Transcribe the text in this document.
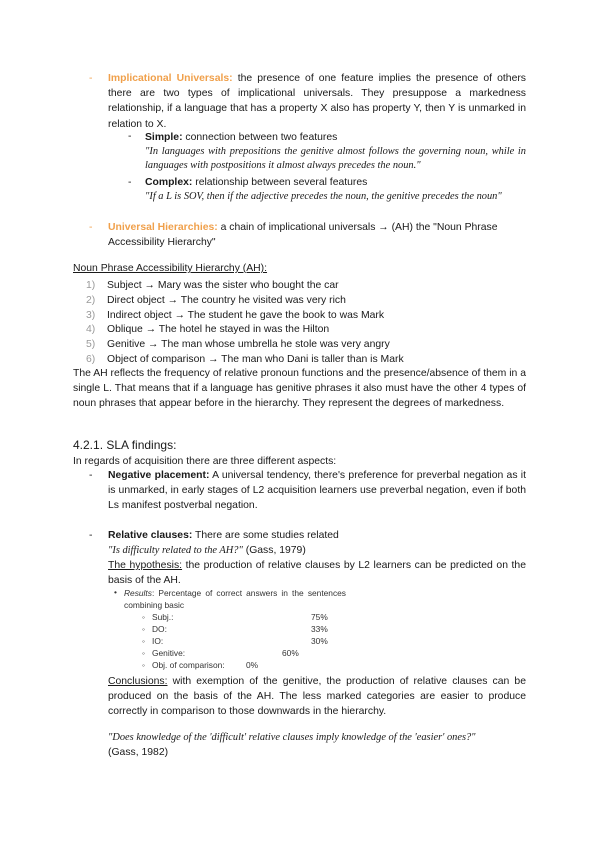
- Implicational Universals: the presence of one feature implies the presence of others there are two types of implicational universals. They presuppose a markedness relationship, if a language that has a property X also has property Y, then Y is unmarked in relation to X.
- Simple: connection between two features
"In languages with prepositions the genitive almost follows the governing noun, while in languages with postpositions it almost always precedes the noun."
- Complex: relationship between several features
"If a L is SOV, then if the adjective precedes the noun, the genitive precedes the noun"
- Universal Hierarchies: a chain of implicational universals → (AH) the "Noun Phrase Accessibility Hierarchy"
Noun Phrase Accessibility Hierarchy (AH):
1) Subject → Mary was the sister who bought the car
2) Direct object → The country he visited was very rich
3) Indirect object → The student he gave the book to was Mark
4) Oblique → The hotel he stayed in was the Hilton
5) Genitive → The man whose umbrella he stole was very angry
6) Object of comparison → The man who Dani is taller than is Mark
The AH reflects the frequency of relative pronoun functions and the presence/absence of them in a single L. That means that if a language has genitive phrases it also must have the other 4 types of noun phrases that appear before in the hierarchy. They represent the degrees of markedness.
4.2.1. SLA findings:
In regards of acquisition there are three different aspects:
- Negative placement: A universal tendency, there's preference for preverbal negation as it is unmarked, in early stages of L2 acquisition learners use preverbal negation, even if both Ls manifest postverbal negation.
- Relative clauses: There are some studies related
"Is difficulty related to the AH?" (Gass, 1979)
The hypothesis: the production of relative clauses by L2 learners can be predicted on the basis of the AH.
• Results: Percentage of correct answers in the sentences combining basic
◦ Subj.:	75%
◦ DO:	33%
◦ IO:	30%
◦ Genitive:	60%
◦ Obj. of comparison:	0%
Conclusions: with exemption of the genitive, the production of relative clauses can be produced on the basis of the AH. The less marked categories are easier to produce correctly in comparison to those downwards in the hierarchy.
"Does knowledge of the 'difficult' relative clauses imply knowledge of the 'easier' ones?"
(Gass, 1982)
